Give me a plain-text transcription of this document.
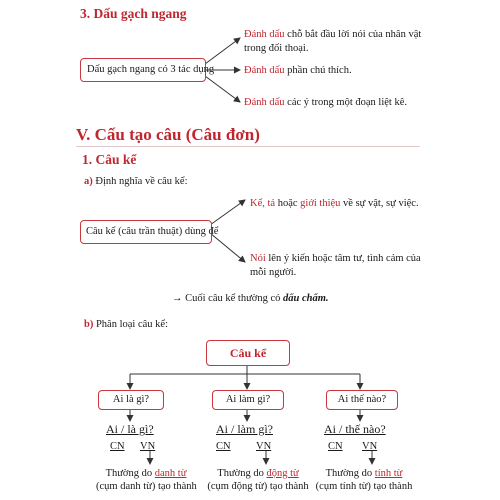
3. Dấu gạch ngang
Dấu gạch ngang có 3 tác dụng
Đánh dấu chỗ bắt đầu lời nói của nhân vật
trong đối thoại.
Đánh dấu phần chú thích.
Đánh dấu các ý trong một đoạn liệt kê.
V. Cấu tạo câu (Câu đơn)
1. Câu kể
a) Định nghĩa về câu kể:
Câu kể (câu trần thuật) dùng để
Kể, tả hoặc giới thiệu về sự vật, sự việc.
Nói lên ý kiến hoặc tâm tư, tình cảm của
mỗi người.
→ Cuối câu kể thường có dấu chấm.
b) Phân loại câu kể:
Câu kể
Ai là gì?	Ai làm gì?	Ai thế nào?
Ai / là gì?	Ai / làm gì?	Ai / thế nào?
CN VN	CN VN	CN VN
Thường do danh từ
(cụm danh từ) tạo thành
Thường do động từ
(cụm động từ) tạo thành
Thường do tính từ
(cụm tính từ) tạo thành
